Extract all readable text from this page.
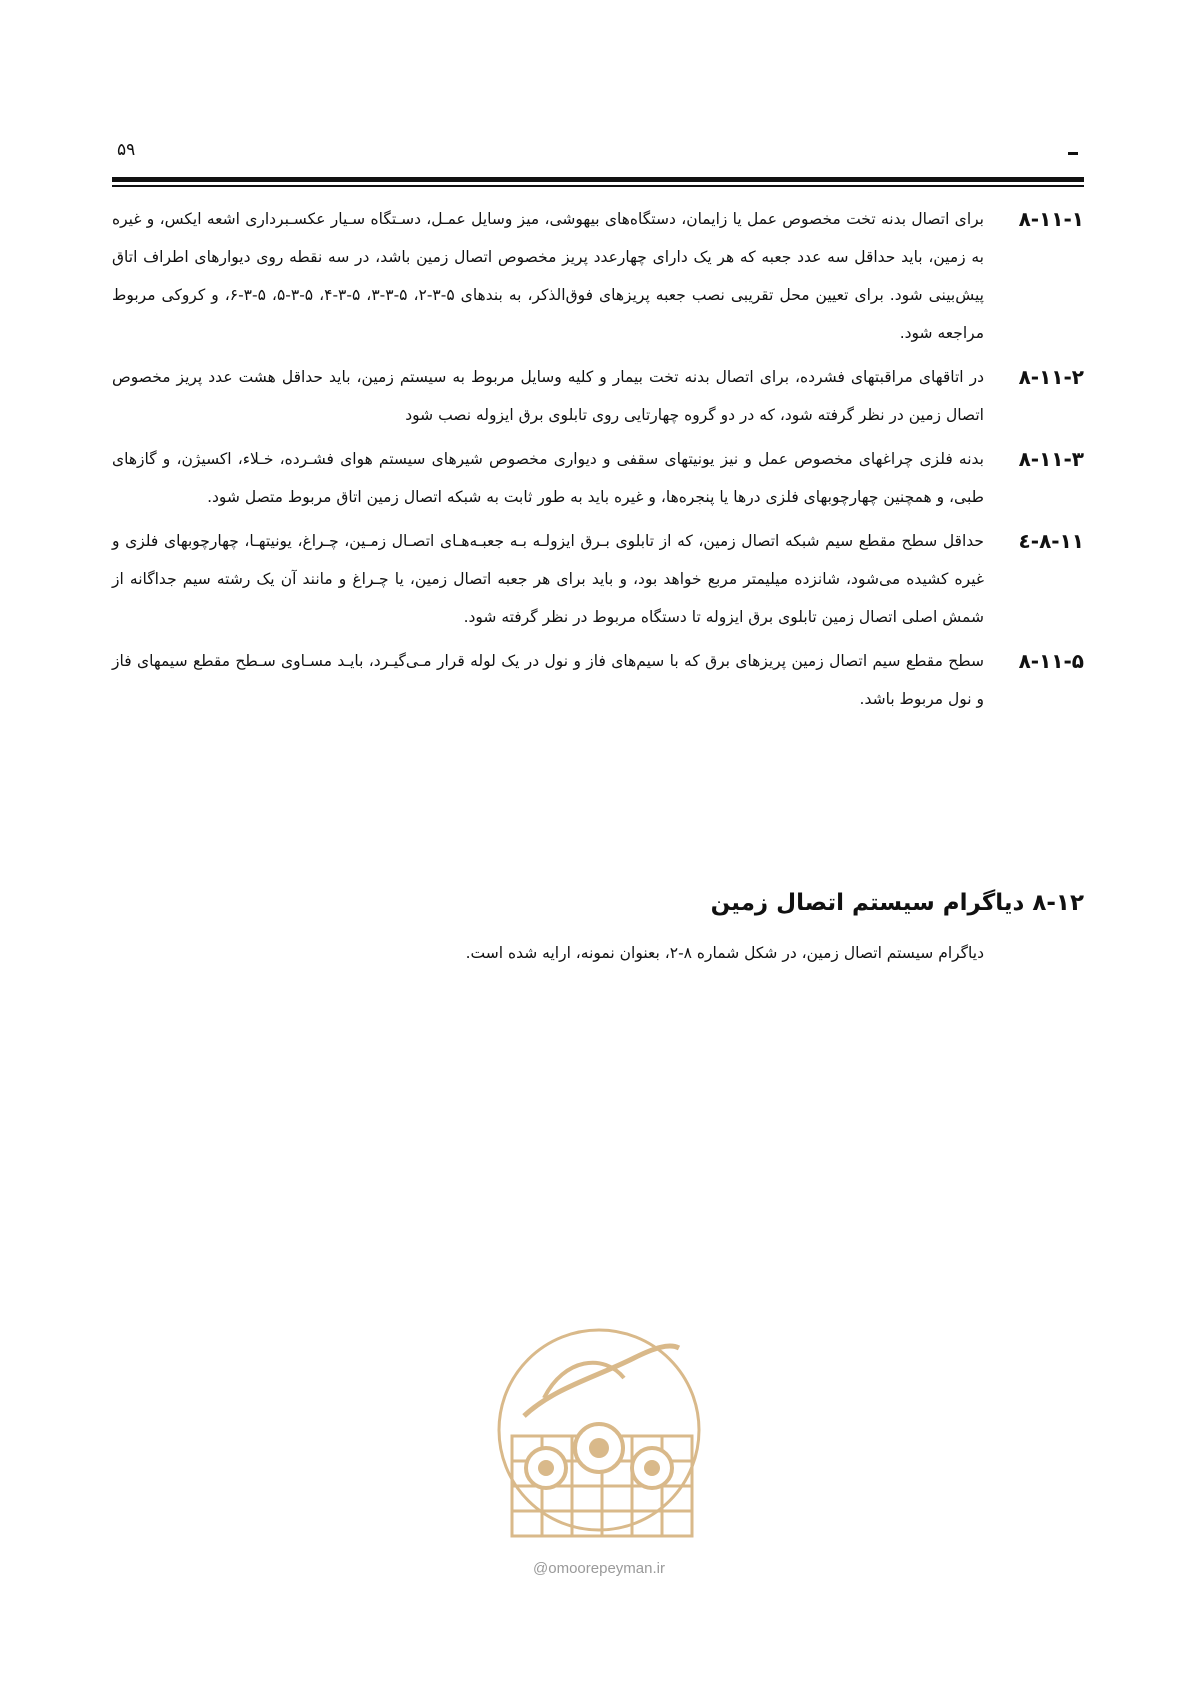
۵۹
۸-۱۱-۱
برای اتصال بدنه تخت مخصوص عمل یا زایمان، دستگاه‌های بیهوشی، میز وسایل عمـل، دسـتگاه سـیار عکسـبرداری اشعه ایکس، و غیره به زمین، باید حداقل سه عدد جعبه که هر یک دارای چهارعدد پریز مخصوص اتصال زمین باشد، در سه نقطه روی دیوارهای اطراف اتاق پیش‌بینی شود. برای تعیین محل تقریبی نصب جعبه پریزهای فوق‌الذکر، به بندهای ۵-۳-۲، ۵-۳-۳، ۵-۳-۴، ۵-۳-۵، ۵-۳-۶، و کروکی مربوط مراجعه شود.
۸-۱۱-۲
در اتاقهای مراقبتهای فشرده، برای اتصال بدنه تخت بیمار و کلیه وسایل مربوط به سیستم زمین، باید حداقل هشت عدد پریز مخصوص اتصال زمین در نظر گرفته شود، که در دو گروه چهارتایی روی تابلوی برق ایزوله نصب شود
۸-۱۱-۳
بدنه فلزی چراغهای مخصوص عمل و نیز یونیتهای سقفی و دیواری مخصوص شیرهای سیستم هوای فشـرده، خـلاء، اکسیژن، و گازهای طبی، و همچنین چهارچوبهای فلزی درها یا پنجره‌ها، و غیره باید به طور ثابت به شبکه اتصال زمین اتاق مربوط متصل شود.
۸-۱۱-٤
حداقل سطح مقطع سیم شبکه اتصال زمین، که از تابلوی بـرق ایزولـه بـه جعبـه‌هـای اتصـال زمـین، چـراغ، یونیتهـا، چهارچوبهای فلزی و غیره کشیده می‌شود، شانزده میلیمتر مربع خواهد بود، و باید برای هر جعبه اتصال زمین، یا چـراغ و مانند آن یک رشته سیم جداگانه از شمش اصلی اتصال زمین تابلوی برق ایزوله تا دستگاه مربوط در نظر گرفته شود.
۸-۱۱-۵
سطح مقطع سیم اتصال زمین پریزهای برق که با سیم‌های فاز و نول در یک لوله قرار مـی‌گیـرد، بایـد مسـاوی سـطح مقطع سیمهای فاز و نول مربوط باشد.
۸-۱۲ دیاگرام سیستم اتصال زمین
دیاگرام سیستم اتصال زمین، در شکل شماره ۸-۲، بعنوان نمونه، ارایه شده است.
@omoorepeyman.ir
